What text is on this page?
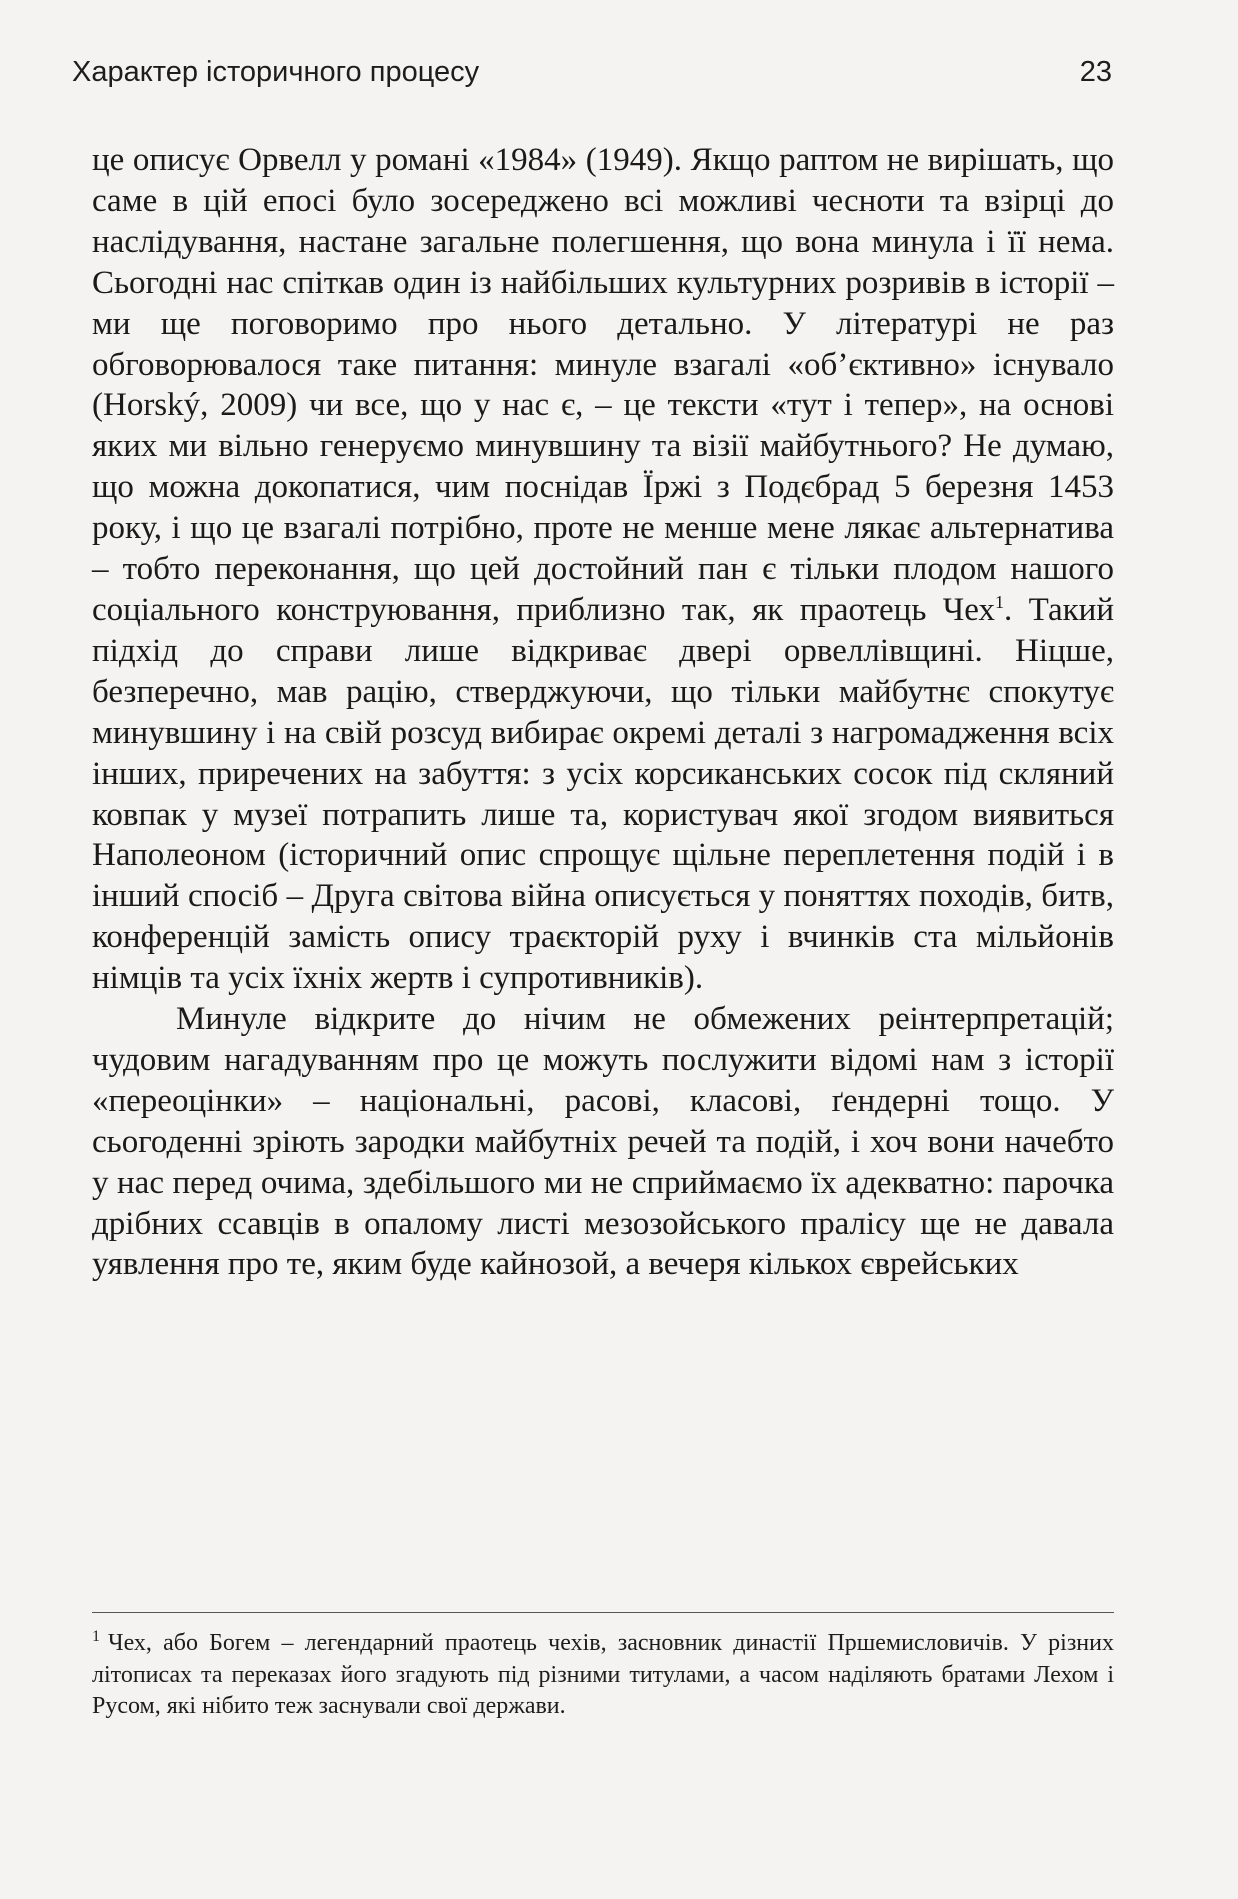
Характер історичного процесу	23

це описує Орвелл у романі «1984» (1949). Якщо раптом не вирішать, що саме в цій епосі було зосереджено всі можливі чесноти та взірці до наслідування, настане загальне полегшення, що вона минула і її нема. Сьогодні нас спіткав один із найбільших культурних розривів в історії – ми ще поговоримо про нього детально. У літературі не раз обговорювалося таке питання: минуле взагалі «об’єктивно» існувало (Horský, 2009) чи все, що у нас є, – це тексти «тут і тепер», на основі яких ми вільно генеруємо минувшину та візії майбутнього? Не думаю, що можна докопатися, чим поснідав Їржі з Подєбрад 5 березня 1453 року, і що це взагалі потрібно, проте не менше мене лякає альтернатива – тобто переконання, що цей достойний пан є тільки плодом нашого соціального конструювання, приблизно так, як праотець Чех$^1$. Такий підхід до справи лише відкриває двері орвеллівщині. Ніцше, безперечно, мав рацію, стверджуючи, що тільки майбутнє спокутує минувшину і на свій розсуд вибирає окремі деталі з нагромадження всіх інших, приречених на забуття: з усіх корсиканських сосок під скляний ковпак у музеї потрапить лише та, користувач якої згодом виявиться Наполеоном (історичний опис спрощує щільне переплетення подій і в інший спосіб – Друга світова війна описується у поняттях походів, битв, конференцій замість опису траєкторій руху і вчинків ста мільйонів німців та усіх їхніх жертв і супротивників).

Минуле відкрите до нічим не обмежених реінтерпретацій; чудовим нагадуванням про це можуть послужити відомі нам з історії «переоцінки» – національні, расові, класові, ґендерні тощо. У сьогоденні зріють зародки майбутніх речей та подій, і хоч вони начебто у нас перед очима, здебільшого ми не сприймаємо їх адекватно: парочка дрібних ссавців в опалому листі мезозойського пралісу ще не давала уявлення про те, яким буде кайнозой, а вечеря кількох єврейських

$^1$ Чех, або Богем – легендарний праотець чехів, засновник династії Пршемисловичів. У різних літописах та переказах його згадують під різними титулами, а часом наділяють братами Лехом і Русом, які нібито теж заснували свої держави.
